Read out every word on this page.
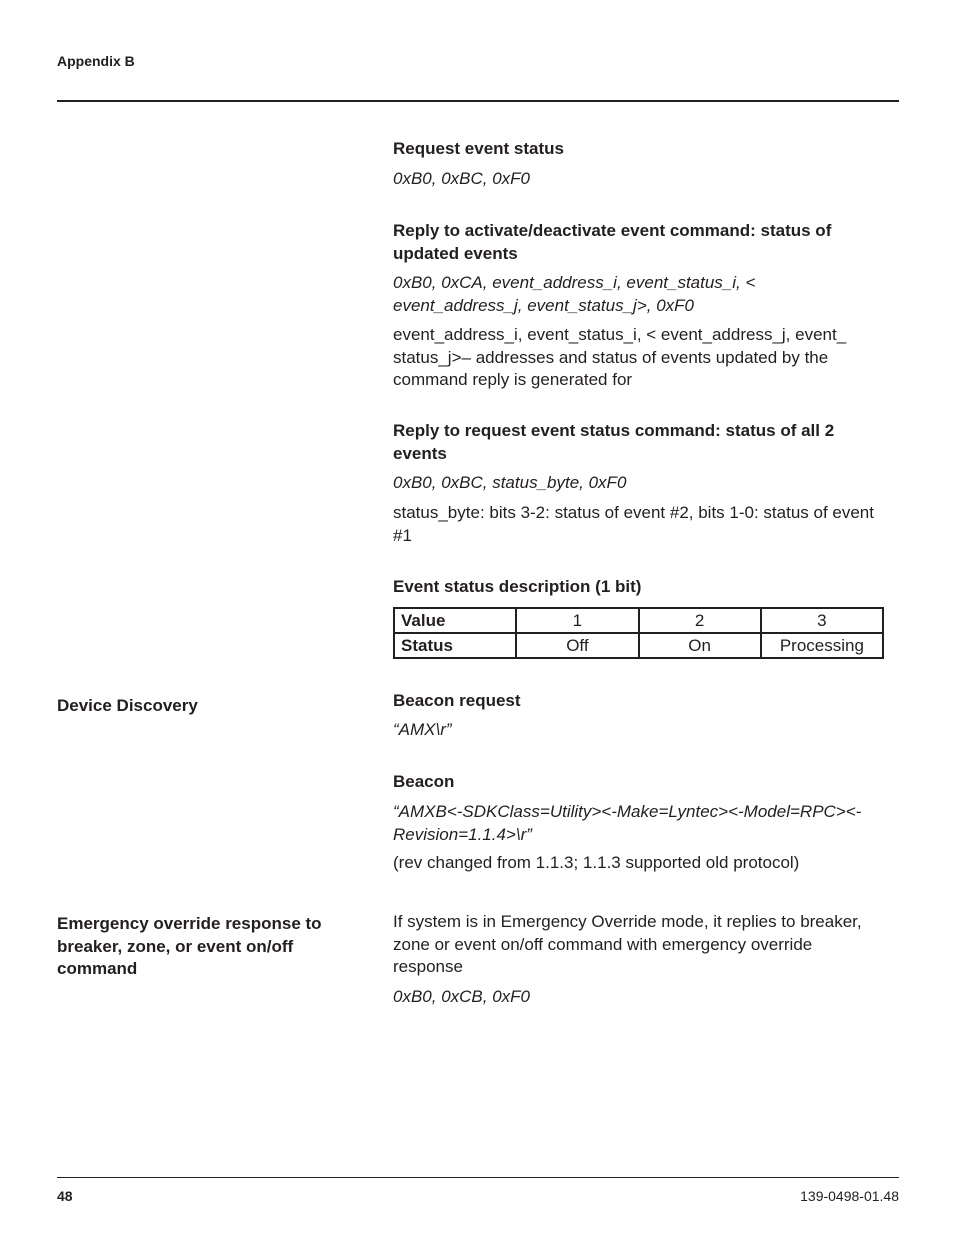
Appendix B
Request event status
0xB0, 0xBC, 0xF0
Reply to activate/deactivate event command: status of updated events
0xB0, 0xCA, event_address_i, event_status_i, < event_address_j, event_status_j>, 0xF0
event_address_i, event_status_i, < event_address_j, event_ status_j>– addresses and status of events updated by the command reply is generated for
Reply to request event status command: status of all 2 events
0xB0, 0xBC, status_byte, 0xF0
status_byte: bits 3-2: status of event #2, bits 1-0: status of event #1
Event status description (1 bit)
Value	1	2	3
Status	Off	On	Processing
Device Discovery	Beacon request
“AMX\r”
Beacon
“AMXB<-SDKClass=Utility><-Make=Lyntec><-Model=RPC><-Revision=1.1.4>\r”
(rev changed from 1.1.3; 1.1.3 supported old protocol)
Emergency override response to breaker, zone, or event on/off command
If system is in Emergency Override mode, it replies to breaker, zone or event on/off command with emergency override response
0xB0, 0xCB, 0xF0
48	139-0498-01.48
